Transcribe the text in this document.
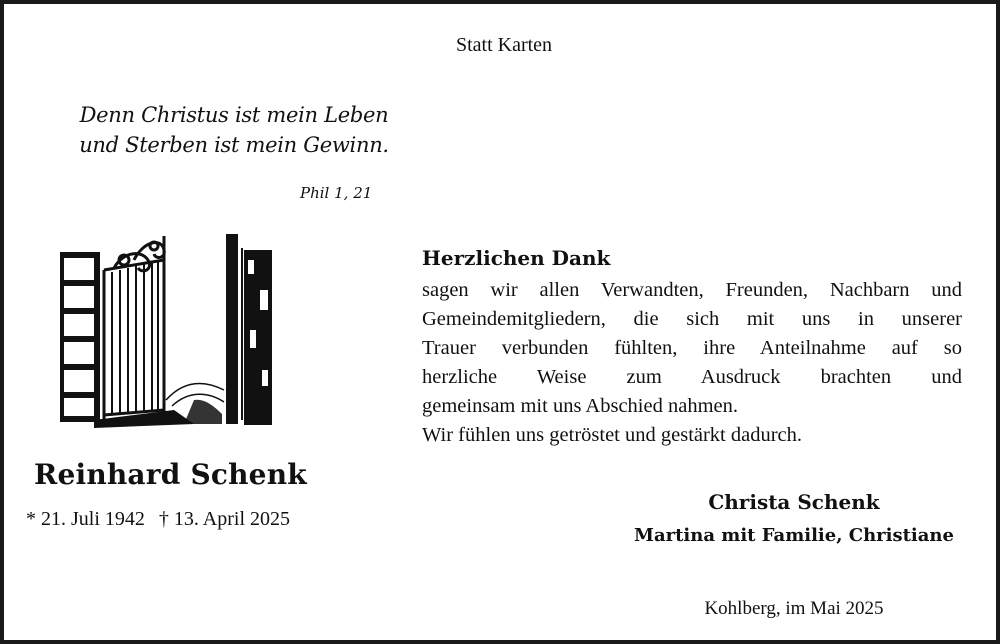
Statt Karten
Denn Christus ist mein Leben
und Sterben ist mein Gewinn.
Phil 1, 21
Reinhard Schenk
* 21. Juli 1942 † 13. April 2025
Herzlichen Dank
sagen wir allen Verwandten, Freunden, Nachbarn und
Gemeindemitgliedern, die sich mit uns in unserer
Trauer verbunden fühlten, ihre Anteilnahme auf so
herzliche Weise zum Ausdruck brachten und
gemeinsam mit uns Abschied nahmen.
Wir fühlen uns getröstet und gestärkt dadurch.
Christa Schenk
Martina mit Familie, Christiane
Kohlberg, im Mai 2025
